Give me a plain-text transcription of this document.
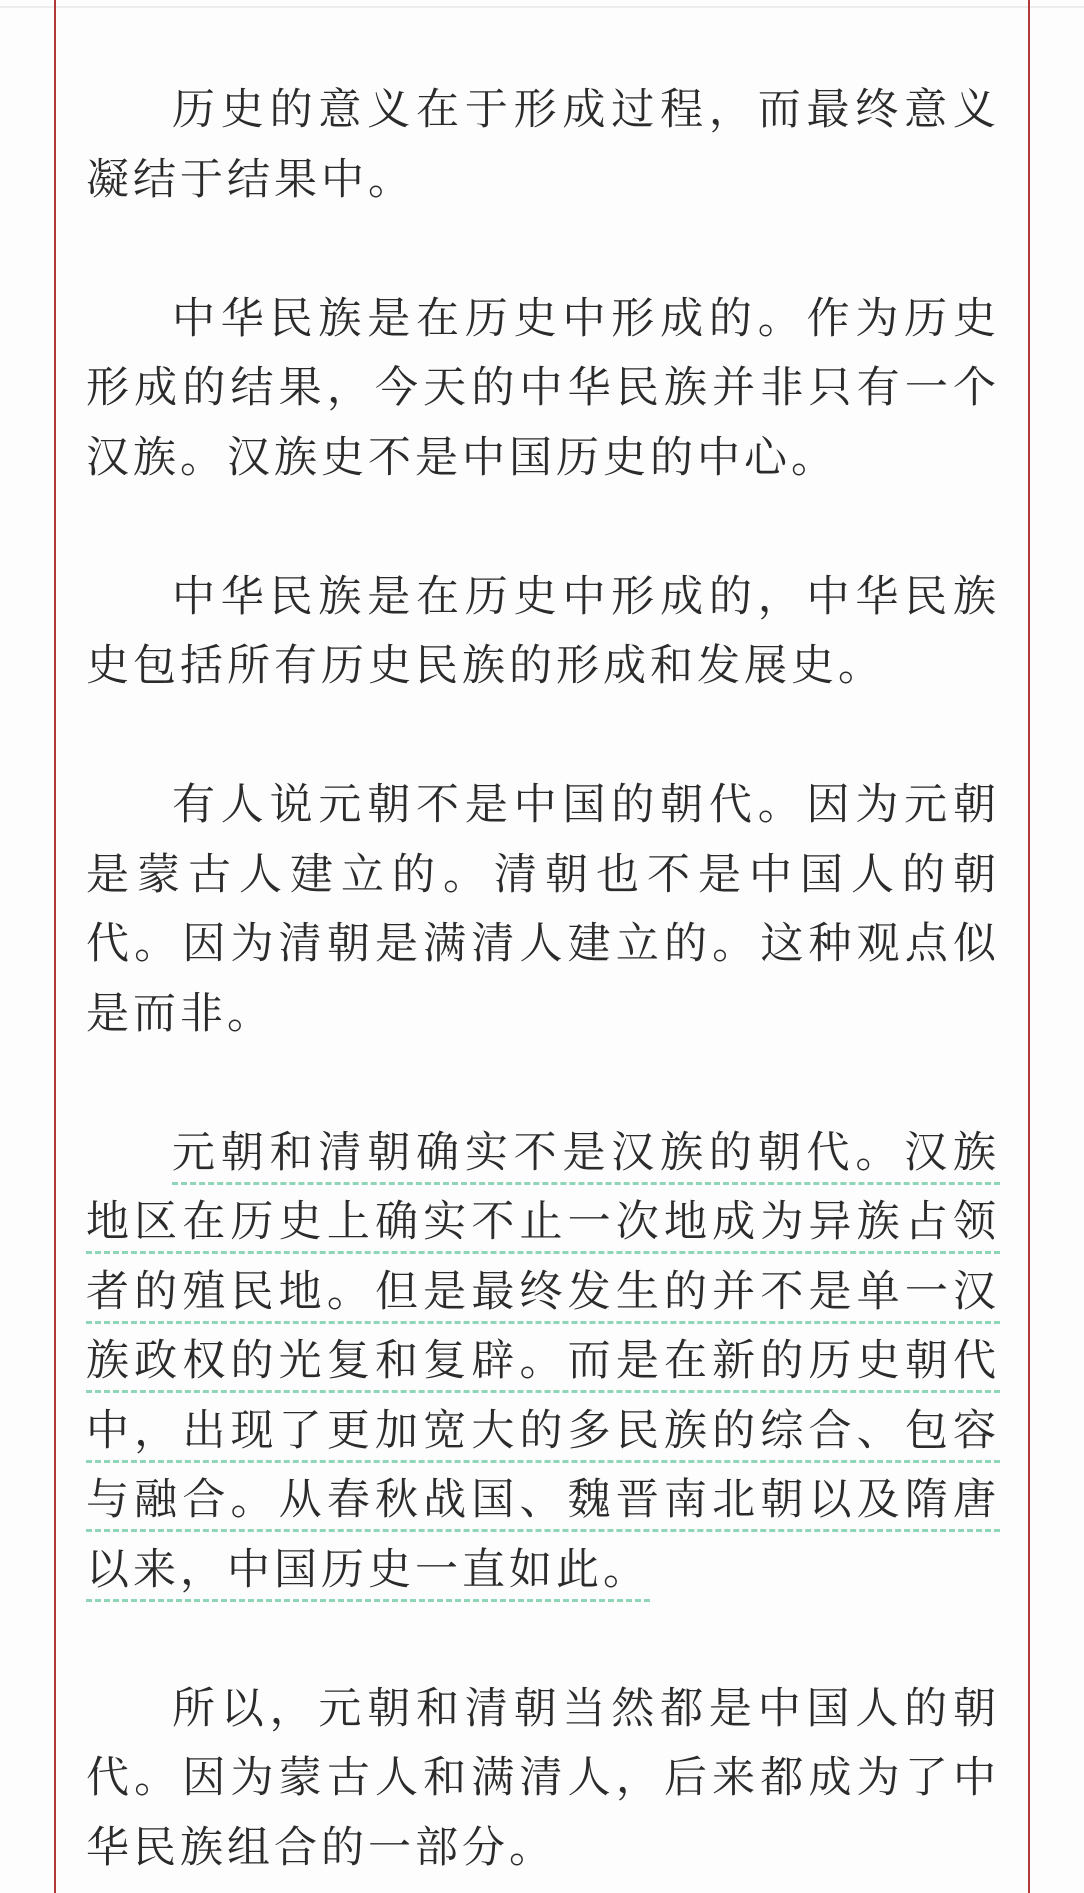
历史的意义在于形成过程，而最终意义凝结于结果中。

中华民族是在历史中形成的。作为历史形成的结果，今天的中华民族并非只有一个汉族。汉族史不是中国历史的中心。

中华民族是在历史中形成的，中华民族史包括所有历史民族的形成和发展史。

有人说元朝不是中国的朝代。因为元朝是蒙古人建立的。清朝也不是中国人的朝代。因为清朝是满清人建立的。这种观点似是而非。

元朝和清朝确实不是汉族的朝代。汉族地区在历史上确实不止一次地成为异族占领者的殖民地。但是最终发生的并不是单一汉族政权的光复和复辟。而是在新的历史朝代中，出现了更加宽大的多民族的综合、包容与融合。从春秋战国、魏晋南北朝以及隋唐以来，中国历史一直如此。

所以，元朝和清朝当然都是中国人的朝代。因为蒙古人和满清人，后来都成为了中华民族组合的一部分。
